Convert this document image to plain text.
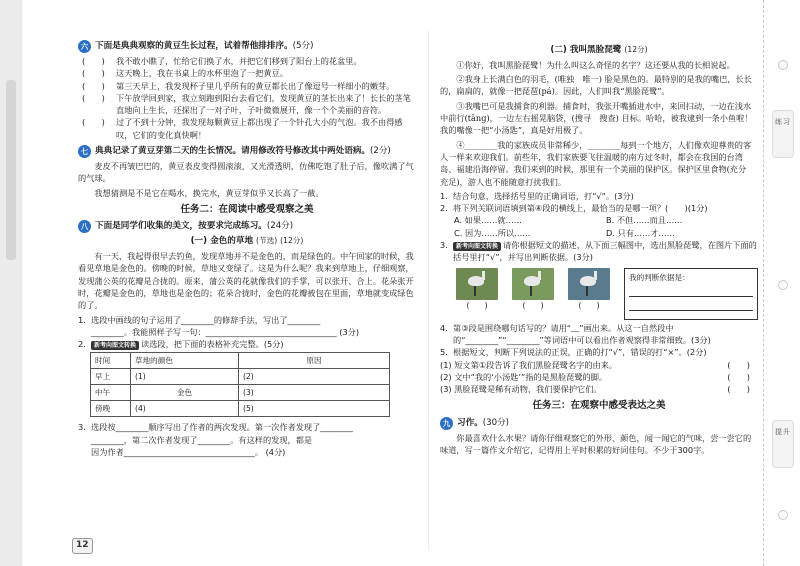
六 下面是典典观察的黄豆生长过程，试着帮他排排序。(5分)
(　　)	我不敢小瞧了，忙给它们换了水，并把它们移到了阳台上的花盆里。
(　　)	这天晚上，我在书桌上的水杯里泡了一把黄豆。
(　　)	第三天早上，我发现杯子里几乎所有的黄豆都长出了像逗号一样细小的嫩芽。
(　　)	下午放学回到家，我立刻跑到阳台去看它们，发现黄豆的茎长出来了！长长的茎笔直地向上生长，还探出了一对子叶，子叶微微展开，像一个个美丽的音符。
(　　)	过了不到十分钟，我发现每颗黄豆上都出现了一个针孔大小的气泡。我不由得感叹，它们的变化真快啊！
七 典典记录了黄豆芽第二天的生长情况。请用修改符号修改其中两处语病。(2分)

麦皮不再皱巴巴的，黄豆表皮变得圆滚滚，又光滑透明，仿佛吃饱了肚子后，像吹满了气的气球。

我想猜测是不是它在喝水，换完水，黄豆芽似乎又长高了一截。

任务二：在阅读中感受观察之美
八 下面是同学们收集的美文，按要求完成练习。(24分)
(一) 金色的草地 (节选) (12分)

有一天，我起得很早去钓鱼，发现草地并不是金色的，而是绿色的。中午回家的时候，我看见草地是金色的。傍晚的时候，草地又变绿了。这是为什么呢？我来到草地上，仔细观察，发现蒲公英的花瓣是合拢的。原来，蒲公英的花就像我们的手掌，可以张开、合上。花朵张开时，花瓣是金色的，草地也是金色的；花朵合拢时，金色的花瓣被包在里面，草地就变成绿色的了。

1. 选段中画线的句子运用了________的修辞手法，写出了________
________。我能照样子写一句：________________________________ (3分)
2.	新考向图文转换 读选段，把下面的表格补充完整。(5分)
时间	草地的颜色	原因
早上	(1)	(2)
中午	金色	(3)
傍晚	(4)	(5)
3. 选段按________顺序写出了作者的两次发现。第一次作者发现了________
________，第二次作者发现了________。有这样的发现，都是
因为作者________________________________。 (4分)
12
(二) 我叫黑脸琵鹭 (12分)

①你好，我叫黑脸琵鹭！为什么叫这么奇怪的名字？这还要从我的长相说起。

②我身上长满白色的羽毛，(唯独　唯一) 脸是黑色的。最特别的是我的嘴巴，长长的，扁扁的，就像一把琵琶(pá)。因此，人们叫我“黑脸琵鹭”。

③我嘴巴可是我捕食的利器。捕食时，我张开嘴插进水中，来回扫动，一边在浅水中前行(tāng)，一边左右摇晃脑袋，(搜寻　搜查) 目标。哈哈，被我逮到一条小鱼啦！我的嘴像一把“小汤匙”，真是好用极了。

④________我的家族成员非常稀少，________每到一个地方，人们像欢迎尊贵的客人一样来欢迎我们。前些年，我们家族要飞往温暖的南方过冬时，都会在我国的台湾岛、福建沿海停留。我们来到的时候，那里有一个美丽的保护区。保护区里食物(充分　充足)，游人也不能随意打扰我们。

1. 结合句意，选择括号里的正确词语，打“√”。(3分)
2. 将下列关联词语填到第④段的横线上，最恰当的是哪一项？(　　)(1分)
A. 如果……就……	B. 不但……而且……
C. 因为……所以……	D. 只有……才……
3.	新考向图文转换 请你根据短文的描述，从下面三幅图中，选出黑脸琵鹭，在图片下面的括号里打“√”，并写出判断依据。(3分)
(　　)	(　　)	(　　)
我的判断依据是：
4. 第③段是围绕哪句话写的？请用“﹏”画出来。从这一自然段中的“________”“________”等词语中可以看出作者观察得非常细致。(3分)
5. 根据短文，判断下列说法的正误，正确的打“√”，错误的打“×”。(2分)
(1) 短文第①段告诉了我们黑脸琵鹭名字的由来。	(　　)
(2) 文中“我的‘小汤匙’”指的是黑脸琵鹭的脚。	(　　)
(3) 黑脸琵鹭是稀有动物，我们要保护它们。	(　　)
任务三：在观察中感受表达之美
九 习作。(30分)

你最喜欢什么水果？请你仔细观察它的外形、颜色，闻一闻它的气味，尝一尝它的味道，写一篇作文介绍它，记得用上平时积累的好词佳句。不少于300字。

练习
提升
